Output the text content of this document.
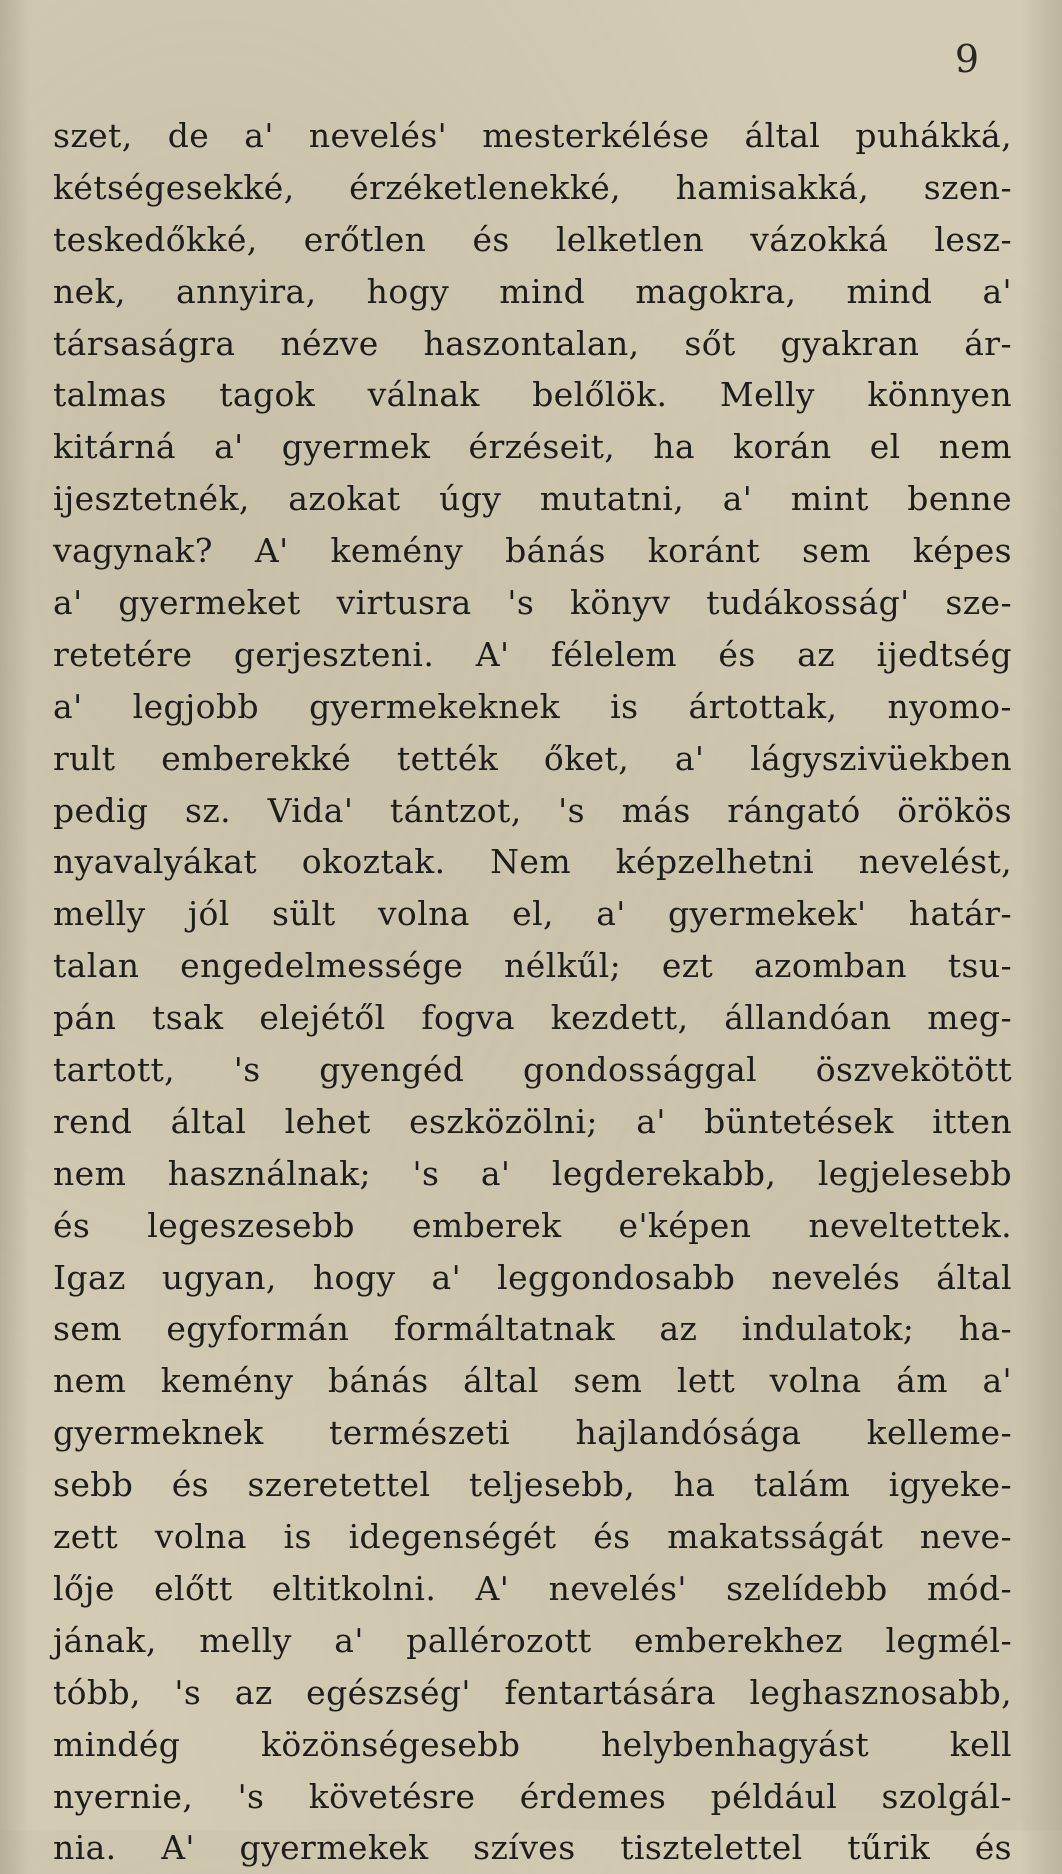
9
szet, de a' nevelés' mesterkélése által puhákká,
kétségesekké, érzéketlenekké, hamisakká, szen-
teskedőkké, erőtlen és lelketlen vázokká lesz-
nek, annyira, hogy mind magokra, mind a'
társaságra nézve haszontalan, sőt gyakran ár-
talmas tagok válnak belőlök. Melly könnyen
kitárná a' gyermek érzéseit, ha korán el nem
ijesztetnék, azokat úgy mutatni, a' mint benne
vagynak? A' kemény bánás koránt sem képes
a' gyermeket virtusra 's könyv tudákosság' sze-
retetére gerjeszteni. A' félelem és az ijedtség
a' legjobb gyermekeknek is ártottak, nyomo-
rult emberekké tették őket, a' lágyszivüekben
pedig sz. Vida' tántzot, 's más rángató örökös
nyavalyákat okoztak. Nem képzelhetni nevelést,
melly jól sült volna el, a' gyermekek' határ-
talan engedelmessége nélkűl; ezt azomban tsu-
pán tsak elejétől fogva kezdett, állandóan meg-
tartott, 's gyengéd gondossággal öszvekötött
rend által lehet eszközölni; a' büntetések itten
nem használnak; 's a' legderekabb, legjelesebb
és legeszesebb emberek e'képen neveltettek.
Igaz ugyan, hogy a' leggondosabb nevelés által
sem egyformán formáltatnak az indulatok; ha-
nem kemény bánás által sem lett volna ám a'
gyermeknek természeti hajlandósága kelleme-
sebb és szeretettel teljesebb, ha talám igyeke-
zett volna is idegenségét és makatsságát neve-
lője előtt eltitkolni. A' nevelés' szelídebb mód-
jának, melly a' pallérozott emberekhez legmél-
tóbb, 's az egészség' fentartására leghasznosabb,
mindég közönségesebb helybenhagyást kell
nyernie, 's követésre érdemes például szolgál-
nia. A' gyermekek szíves tisztelettel tűrik és
